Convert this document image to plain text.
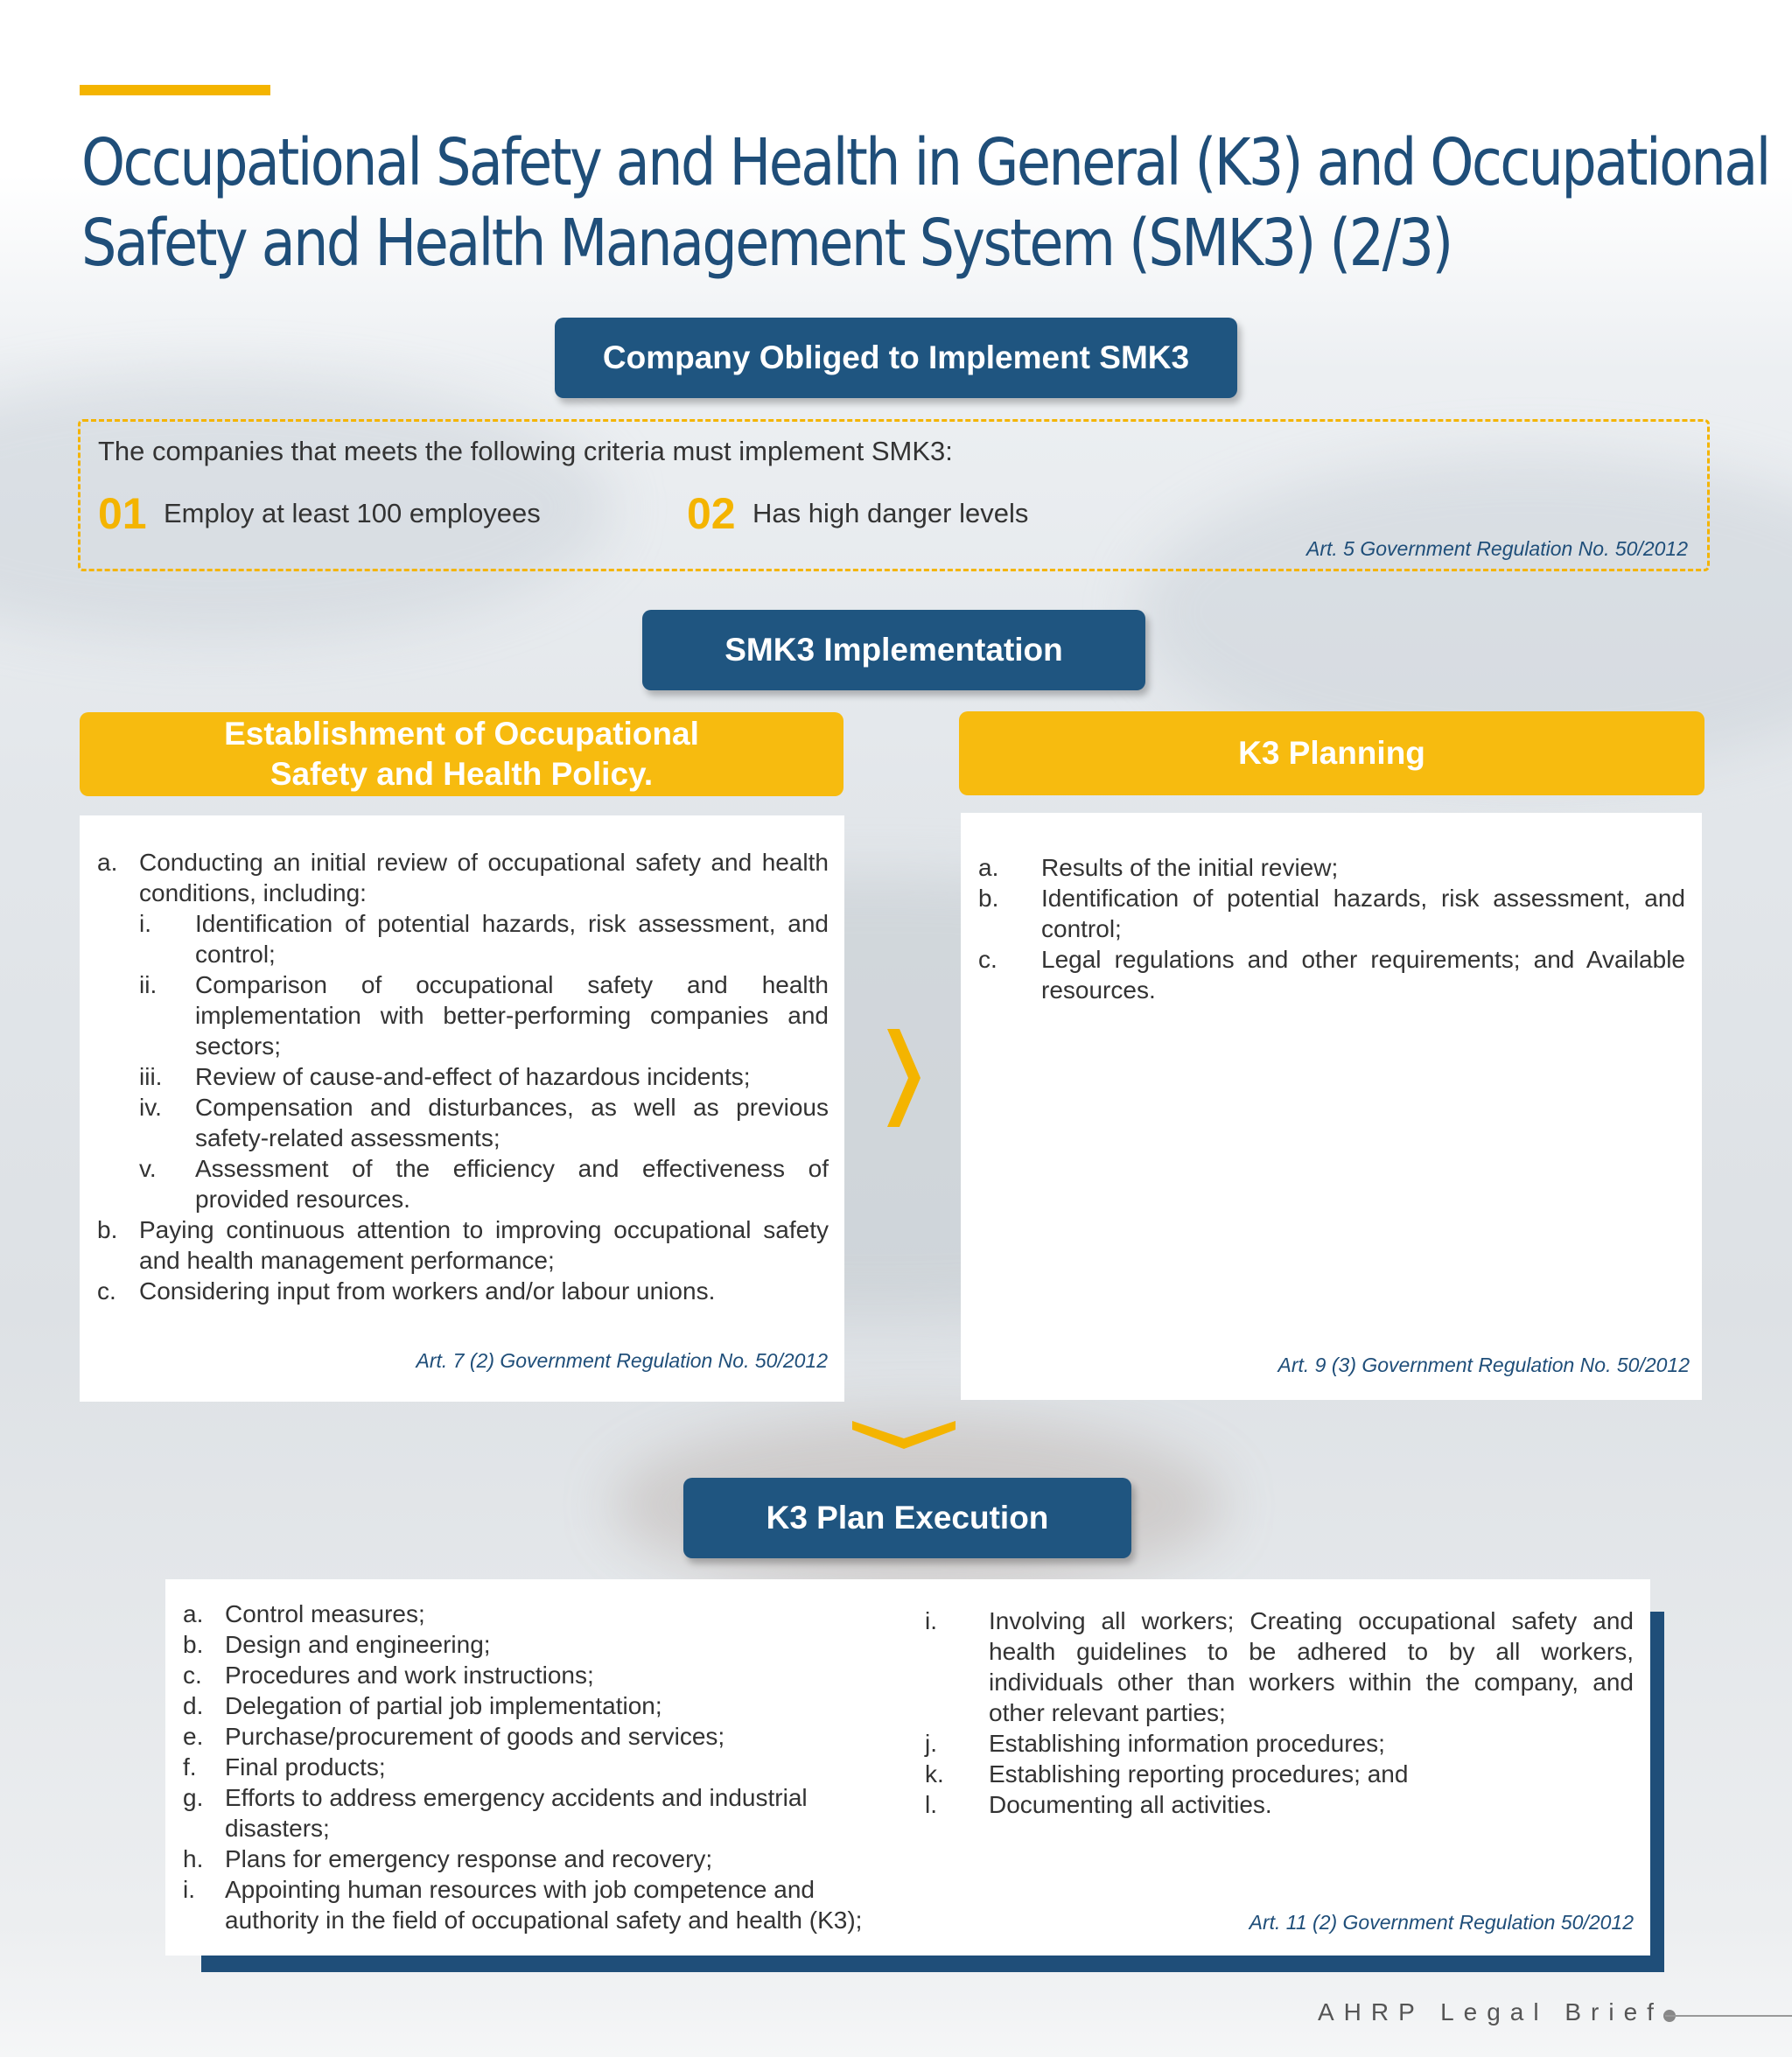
Occupational Safety and Health in General (K3) and Occupational
Safety and Health Management System (SMK3) (2/3)
Company Obliged to Implement SMK3
The companies that meets the following criteria must implement SMK3:
01 Employ at least 100 employees	02 Has high danger levels
Art. 5 Government Regulation No. 50/2012
SMK3 Implementation
Establishment of Occupational
Safety and Health Policy.
K3 Planning
a. Conducting an initial review of occupational safety and health conditions, including:
i.	Identification of potential hazards, risk assessment, and control;
ii.	Comparison of occupational safety and health implementation with better-performing companies and sectors;
iii.	Review of cause-and-effect of hazardous incidents;
iv.	Compensation and disturbances, as well as previous safety-related assessments;
v.	Assessment of the efficiency and effectiveness of provided resources.
b. Paying continuous attention to improving occupational safety and health management performance;
c. Considering input from workers and/or labour unions.
Art. 7 (2) Government Regulation No. 50/2012
a.	Results of the initial review;
b.	Identification of potential hazards, risk assessment, and control;
c.	Legal regulations and other requirements; and Available resources.
Art. 9 (3) Government Regulation No. 50/2012
K3 Plan Execution
a. Control measures;
b. Design and engineering;
c. Procedures and work instructions;
d. Delegation of partial job implementation;
e. Purchase/procurement of goods and services;
f.	Final products;
g. Efforts to address emergency accidents and industrial disasters;
h. Plans for emergency response and recovery;
i.	Appointing human resources with job competence and authority in the field of occupational safety and health (K3);
i.	Involving all workers; Creating occupational safety and health guidelines to be adhered to by all workers, individuals other than workers within the company, and other relevant parties;
j.	Establishing information procedures;
k.	Establishing reporting procedures; and
l.	Documenting all activities.
Art. 11 (2) Government Regulation 50/2012
AHRP Legal Brief
